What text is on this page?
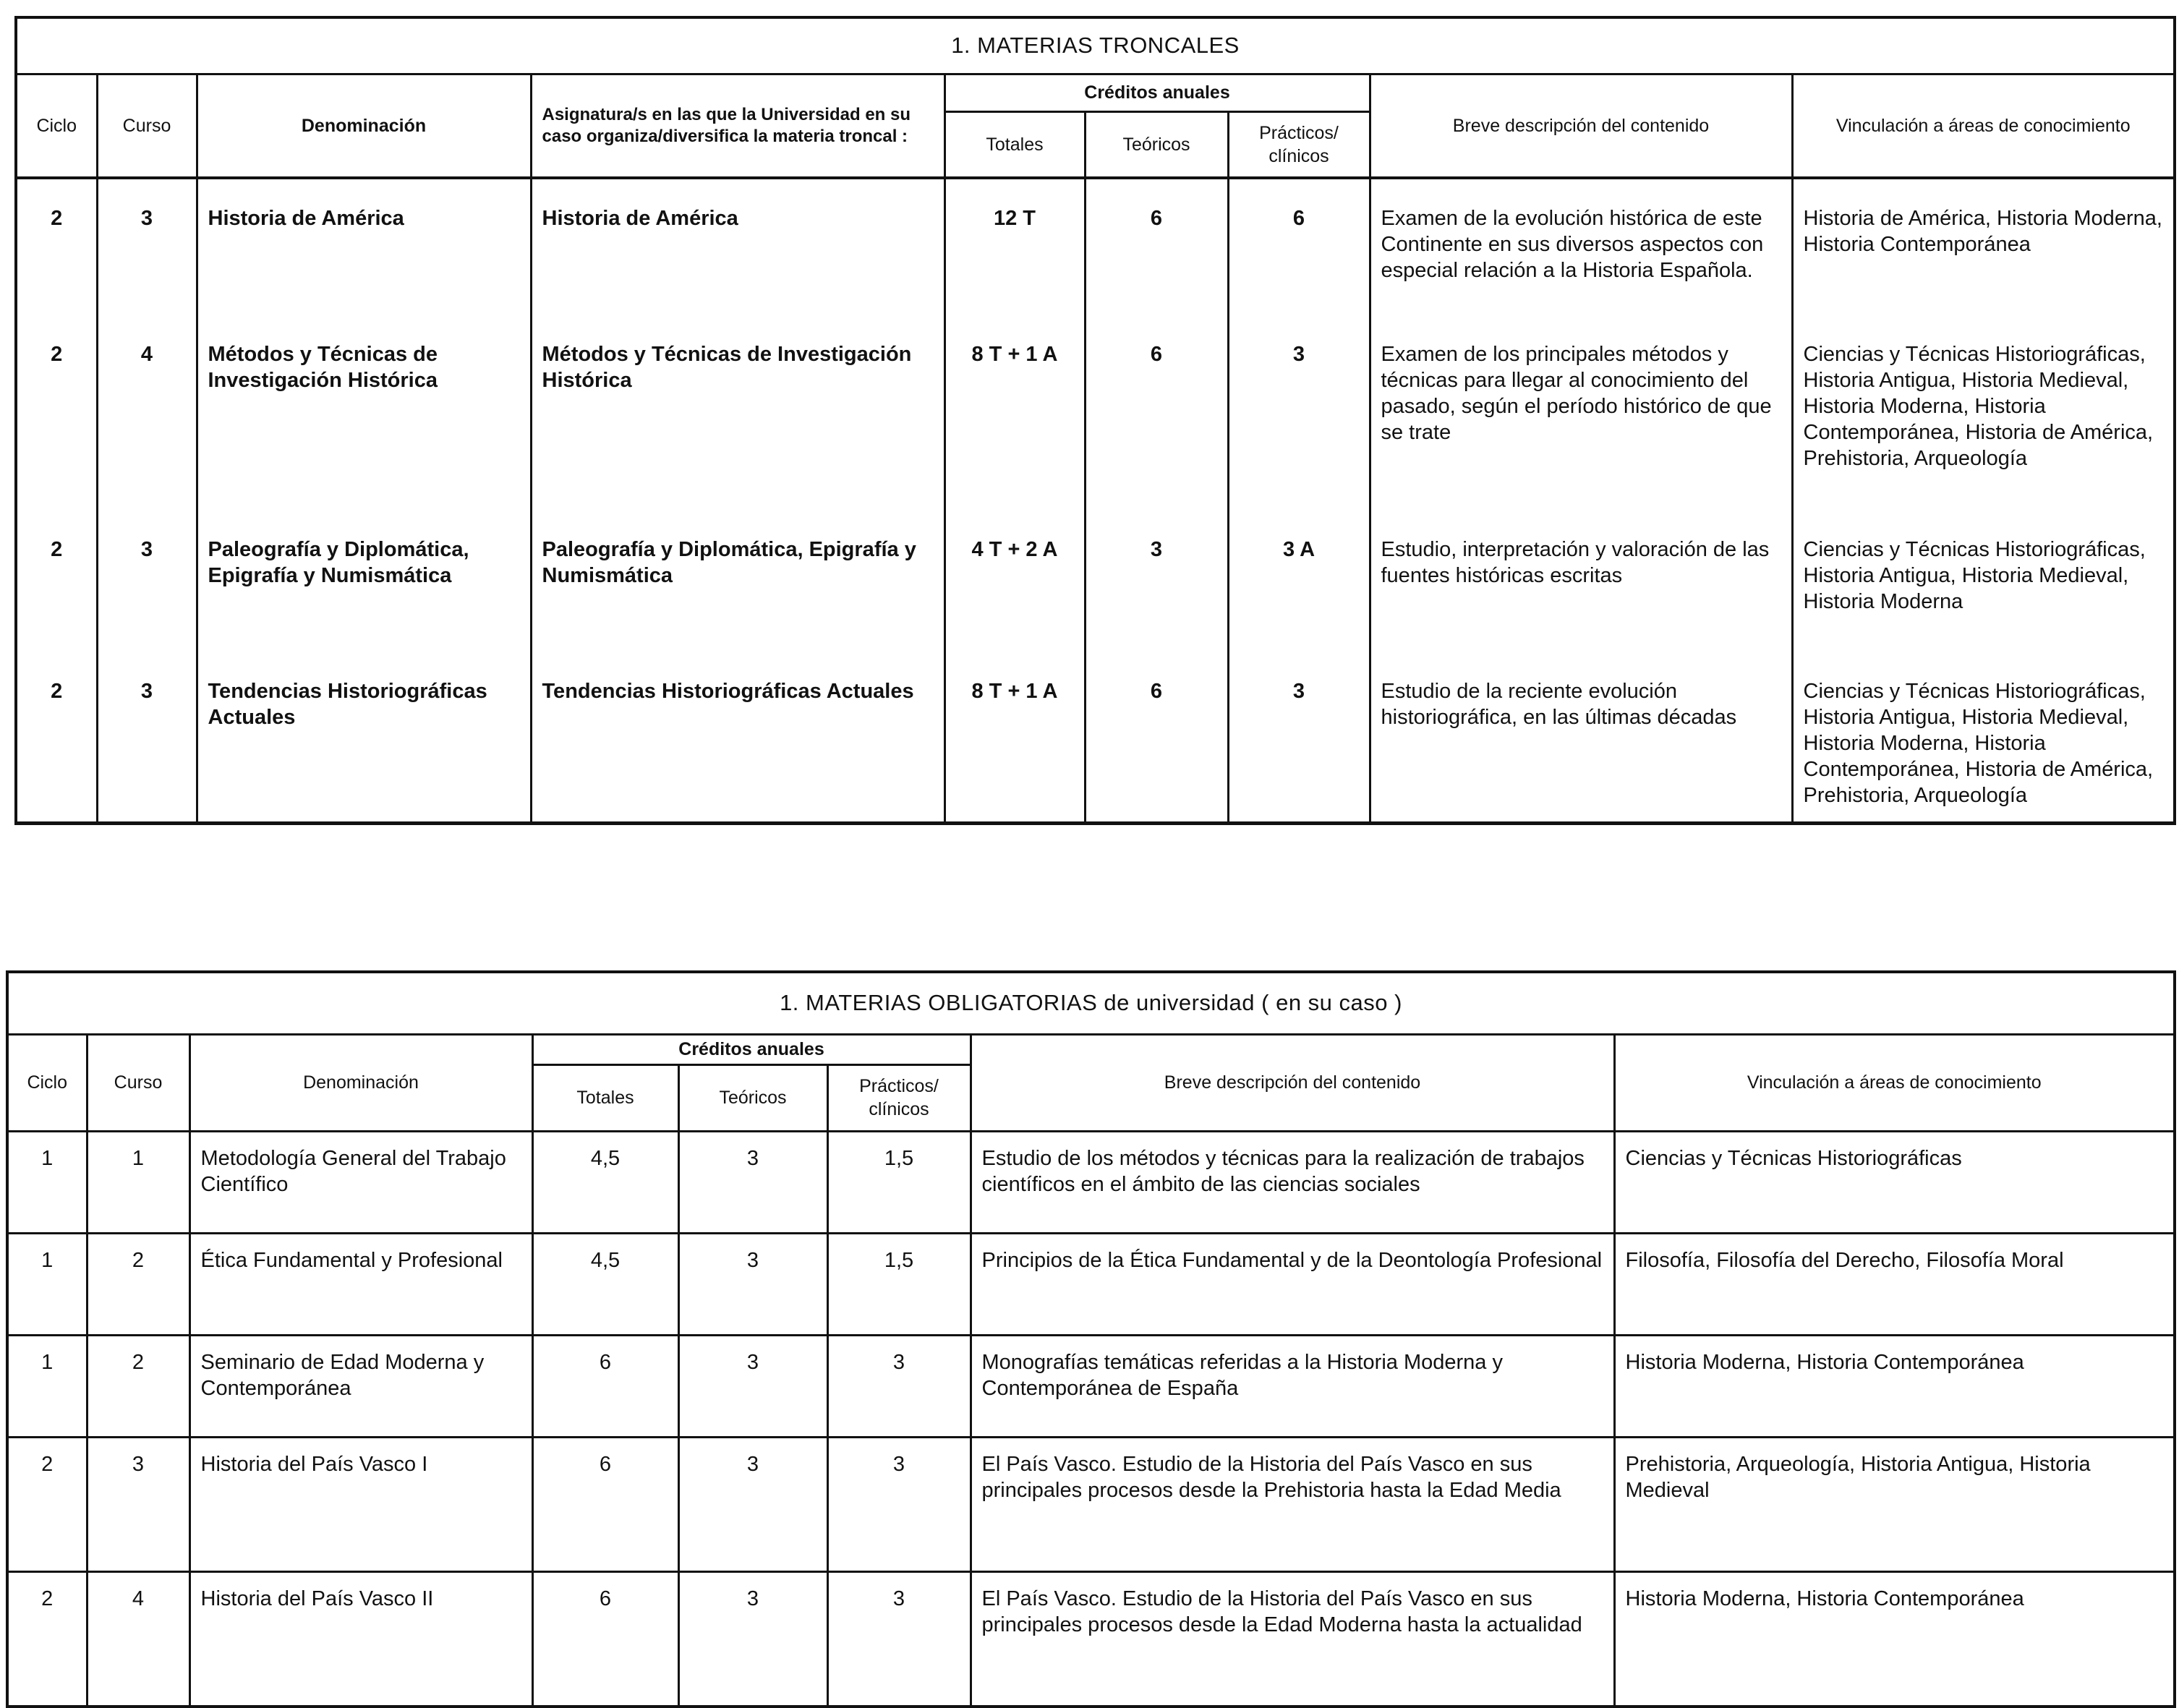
1. MATERIAS TRONCALES								
Ciclo	Curso	Denominación	Asignatura/s en las que la Universidad en su caso organiza/diversifica la materia troncal :	Créditos anuales			Breve descripción del contenido	Vinculación a áreas de conocimiento
				Totales	Teóricos	Prácticos/ clínicos		
2	3	Historia de América	Historia de América	12 T	6	6	Examen de la evolución histórica de este Continente en sus diversos aspectos con especial relación a la Historia Española.	Historia de América, Historia Moderna, Historia Contemporánea
2	4	Métodos y Técnicas de Investigación Histórica	Métodos y Técnicas de Investigación Histórica	8 T + 1 A	6	3	Examen de los principales métodos y técnicas para llegar al conocimiento del pasado, según el período histórico de que se trate	Ciencias y Técnicas Historiográficas, Historia Antigua, Historia Medieval, Historia Moderna, Historia Contemporánea, Historia de América, Prehistoria, Arqueología
2	3	Paleografía y Diplomática, Epigrafía y Numismática	Paleografía y Diplomática, Epigrafía y Numismática	4 T + 2 A	3	3 A	Estudio, interpretación y valoración de las fuentes históricas escritas	Ciencias y Técnicas Historiográficas, Historia Antigua, Historia Medieval, Historia Moderna
2	3	Tendencias Historiográficas Actuales	Tendencias Historiográficas Actuales	8 T + 1 A	6	3	Estudio de la reciente evolución historiográfica, en las últimas décadas	Ciencias y Técnicas Historiográficas, Historia Antigua, Historia Medieval, Historia Moderna, Historia Contemporánea, Historia de América, Prehistoria, Arqueología
1. MATERIAS OBLIGATORIAS de universidad ( en su caso )							
Ciclo	Curso	Denominación	Créditos anuales			Breve descripción del contenido	Vinculación a áreas de conocimiento
			Totales	Teóricos	Prácticos/ clínicos		
1	1	Metodología General del Trabajo Científico	4,5	3	1,5	Estudio de los métodos y técnicas para la realización de trabajos científicos en el ámbito de las ciencias sociales	Ciencias y Técnicas Historiográficas
1	2	Ética Fundamental y Profesional	4,5	3	1,5	Principios de la Ética Fundamental y de la Deontología Profesional	Filosofía, Filosofía del Derecho, Filosofía Moral
1	2	Seminario de Edad Moderna y Contemporánea	6	3	3	Monografías temáticas referidas a la Historia Moderna y Contemporánea de España	Historia Moderna, Historia Contemporánea
2	3	Historia del País Vasco I	6	3	3	El País Vasco. Estudio de la Historia del País Vasco en sus principales procesos desde la Prehistoria hasta la Edad Media	Prehistoria, Arqueología, Historia Antigua, Historia Medieval
2	4	Historia del País Vasco II	6	3	3	El País Vasco. Estudio de la Historia del País Vasco en sus principales procesos desde la Edad Moderna hasta la actualidad	Historia Moderna, Historia Contemporánea
